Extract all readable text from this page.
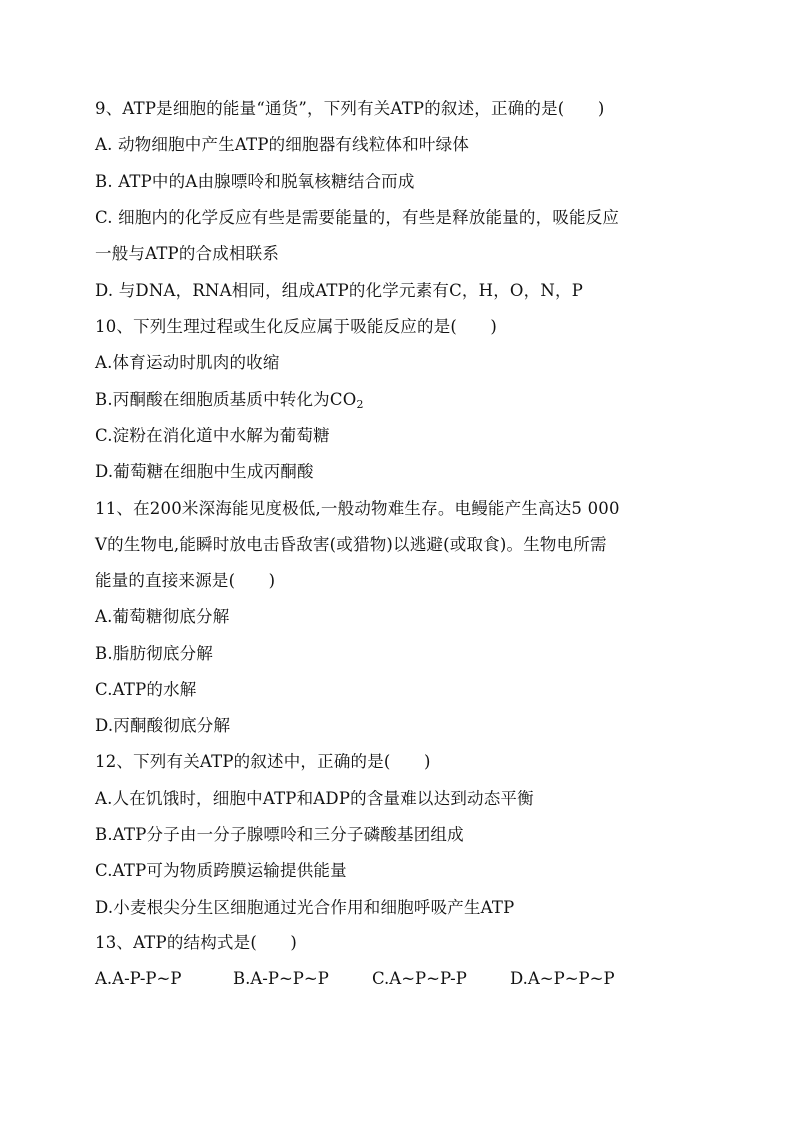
9、ATP是细胞的能量“通货”，下列有关ATP的叙述，正确的是(　　)
A. 动物细胞中产生ATP的细胞器有线粒体和叶绿体
B. ATP中的A由腺嘌呤和脱氧核糖结合而成
C. 细胞内的化学反应有些是需要能量的，有些是释放能量的，吸能反应
一般与ATP的合成相联系
D. 与DNA，RNA相同，组成ATP的化学元素有C，H，O，N，P
10、下列生理过程或生化反应属于吸能反应的是(　　)
A.体育运动时肌肉的收缩
B.丙酮酸在细胞质基质中转化为$CO_2$
C.淀粉在消化道中水解为葡萄糖
D.葡萄糖在细胞中生成丙酮酸
11、在200米深海能见度极低,一般动物难生存。电鳗能产生高达5 000
V的生物电,能瞬时放电击昏敌害(或猎物)以逃避(或取食)。生物电所需
能量的直接来源是(　　)
A.葡萄糖彻底分解
B.脂肪彻底分解
C.ATP的水解
D.丙酮酸彻底分解
12、下列有关ATP的叙述中，正确的是(　　)
A.人在饥饿时，细胞中ATP和ADP的含量难以达到动态平衡
B.ATP分子由一分子腺嘌呤和三分子磷酸基团组成
C.ATP可为物质跨膜运输提供能量
D.小麦根尖分生区细胞通过光合作用和细胞呼吸产生ATP
13、ATP的结构式是(　　)
A.A-P-P~P	B.A-P~P~P	C.A~P~P-P	D.A~P~P~P
